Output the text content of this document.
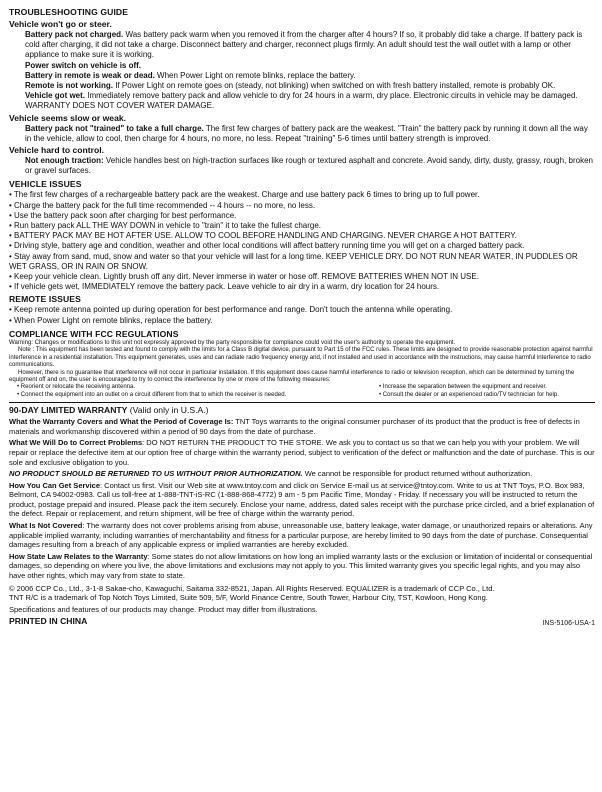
TROUBLESHOOTING GUIDE
Vehicle won't go or steer.
Battery pack not charged. Was battery pack warm when you removed it from the charger after 4 hours? If so, it probably did take a charge. If battery pack is cold after charging, it did not take a charge. Disconnect battery and charger, reconnect plugs firmly. An adult should test the wall outlet with a lamp or other appliance to make sure it is working.
Power switch on vehicle is off.
Battery in remote is weak or dead. When Power Light on remote blinks, replace the battery.
Remote is not working. If Power Light on remote goes on (steady, not blinking) when switched on with fresh battery installed, remote is probably OK.
Vehicle got wet. Immediately remove battery pack and allow vehicle to dry for 24 hours in a warm, dry place. Electronic circuits in vehicle may be damaged. WARRANTY DOES NOT COVER WATER DAMAGE.
Vehicle seems slow or weak.
Battery pack not "trained" to take a full charge. The first few charges of battery pack are the weakest. "Train" the battery pack by running it down all the way in the vehicle, allow to cool, then charge for 4 hours, no more, no less. Repeat "training" 5-6 times until battery strength is improved.
Vehicle hard to control.
Not enough traction: Vehicle handles best on high-traction surfaces like rough or textured asphalt and concrete. Avoid sandy, dirty, dusty, grassy, rough, broken or gravel surfaces.
VEHICLE ISSUES
• The first few charges of a rechargeable battery pack are the weakest. Charge and use battery pack 6 times to bring up to full power.
• Charge the battery pack for the full time recommended -- 4 hours -- no more, no less.
• Use the battery pack soon after charging for best performance.
• Run battery pack ALL THE WAY DOWN in vehicle to "train" it to take the fullest charge.
• BATTERY PACK MAY BE HOT AFTER USE. ALLOW TO COOL BEFORE HANDLING AND CHARGING. NEVER CHARGE A HOT BATTERY.
• Driving style, battery age and condition, weather and other local conditions will affect battery running time you will get on a charged battery pack.
• Stay away from sand, mud, snow and water so that your vehicle will last for a long time. KEEP VEHICLE DRY. DO NOT RUN NEAR WATER, IN PUDDLES OR WET GRASS, OR IN RAIN OR SNOW.
• Keep your vehicle clean. Lightly brush off any dirt. Never immerse in water or hose off. REMOVE BATTERIES WHEN NOT IN USE.
• If vehicle gets wet, IMMEDIATELY remove the battery pack. Leave vehicle to air dry in a warm, dry location for 24 hours.
REMOTE ISSUES
• Keep remote antenna pointed up during operation for best performance and range. Don't touch the antenna while operating.
• When Power Light on remote blinks, replace the battery.
COMPLIANCE WITH FCC REGULATIONS
Warning: Changes or modifications to this unit not expressly approved by the party responsible for compliance could void the user's authority to operate the equipment.
Note : This equipment has been tested and found to comply with the limits for a Class B digital device, pursuant to Part 15 of the FCC rules. These limits are designed to provide reasonable protection against harmful interference in a residential installation. This equipment generates, uses and can radiate radio frequency energy and, if not installed and used in accordance with the instructions, may cause harmful interference to radio communications.
However, there is no guarantee that interference will not occur in particular installation. If this equipment does cause harmful interference to radio or television reception, which can be determined by turning the equipment off and on, the user is encouraged to try to correct the interference by one or more of the following measures:
• Reorient or relocate the receiving antenna.	• Increase the separation between the equipment and receiver.
• Connect the equipment into an outlet on a circuit different from that to which the receiver is needed.	• Consult the dealer or an experienced radio/TV technician for help.
90-DAY LIMITED WARRANTY (Valid only in U.S.A.)
What the Warranty Covers and What the Period of Coverage Is: TNT Toys warrants to the original consumer purchaser of its product that the product is free of defects in materials and workmanship discovered within a period of 90 days from the date of purchase.
What We Will Do to Correct Problems: DO NOT RETURN THE PRODUCT TO THE STORE. We ask you to contact us so that we can help you with your problem. We will repair or replace the defective item at our option free of charge within the warranty period, subject to verification of the defect or malfunction and the date of purchase. This is our sole and exclusive obligation to you.
NO PRODUCT SHOULD BE RETURNED TO US WITHOUT PRIOR AUTHORIZATION. We cannot be responsible for product returned without authorization.
How You Can Get Service: Contact us first. Visit our Web site at www.tntoy.com and click on Service E-mail us at service@tntoy.com. Write to us at TNT Toys, P.O. Box 983, Belmont, CA 94002-0983. Call us toll-free at 1-888-TNT-iS-RC (1-888-868-4772) 9 am - 5 pm Pacific Time, Monday - Friday. If necessary you will be instructed to return the product, postage prepaid and insured. Please pack the item securely. Enclose your name, address, dated sales receipt with the purchase price circled, and a brief explanation of the defect. Repair or replacement, and return shipment, will be free of charge within the warranty period.
What Is Not Covered: The warranty does not cover problems arising from abuse, unreasonable use, battery leakage, water damage, or unauthorized repairs or alterations. Any applicable implied warranty, including warranties of merchantability and fitness for a particular purpose, are hereby limited to 90 days from the date of purchase. Consequential damages resulting from a breach of any applicable express or implied warranties are hereby excluded.
How State Law Relates to the Warranty: Some states do not allow limitations on how long an implied warranty lasts or the exclusion or limitation of incidental or consequential damages, so depending on where you live, the above limitations and exclusions may not apply to you. This limited warranty gives you specific legal rights, and you may also have other rights, which may vary from state to state.
© 2006 CCP Co., Ltd., 3-1-8 Sakae-cho, Kawaguchi, Saitama 332-8521, Japan. All Rights Reserved. EQUALIZER is a trademark of CCP Co., Ltd.
TNT R/C is a trademark of Top Notch Toys Limited, Suite 509, 5/F, World Finance Centre, South Tower, Harbour City, TST, Kowloon, Hong Kong.
Specifications and features of our products may change. Product may differ from illustrations.
PRINTED IN CHINA	INS-5106-USA-1
